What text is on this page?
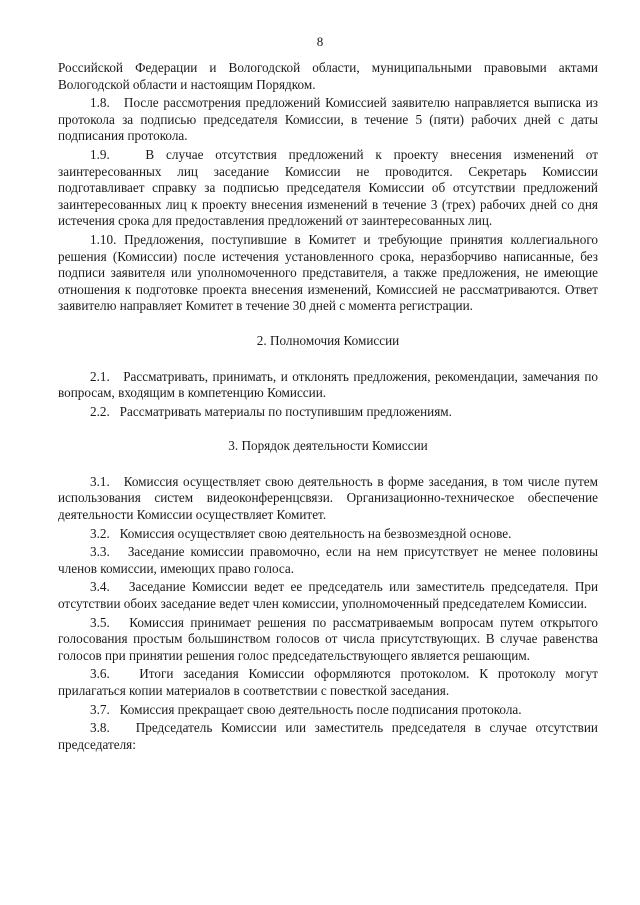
8

Российской Федерации и Вологодской области, муниципальными правовыми актами Вологодской области и настоящим Порядком.

1.8. После рассмотрения предложений Комиссией заявителю направляется выписка из протокола за подписью председателя Комиссии, в течение 5 (пяти) рабочих дней с даты подписания протокола.

1.9.	В случае отсутствия предложений к проекту внесения изменений от заинтересованных лиц заседание Комиссии не проводится. Секретарь Комиссии подготавливает справку за подписью председателя Комиссии об отсутствии предложений заинтересованных лиц к проекту внесения изменений в течение 3 (трех) рабочих дней со дня истечения срока для предоставления предложений от заинтересованных лиц.

1.10. Предложения, поступившие в Комитет и требующие принятия коллегиального решения (Комиссии) после истечения установленного срока, неразборчиво написанные, без подписи заявителя или уполномоченного представителя, а также предложения, не имеющие отношения к подготовке проекта внесения изменений, Комиссией не рассматриваются. Ответ заявителю направляет Комитет в течение 30 дней с момента регистрации.

2. Полномочия Комиссии

2.1. Рассматривать, принимать, и отклонять предложения, рекомендации, замечания по вопросам, входящим в компетенцию Комиссии.

2.2. Рассматривать материалы по поступившим предложениям.

3. Порядок деятельности Комиссии

3.1. Комиссия осуществляет свою деятельность в форме заседания, в том числе путем использования систем видеоконференцсвязи. Организационно-техническое обеспечение деятельности Комиссии осуществляет Комитет.

3.2. Комиссия осуществляет свою деятельность на безвозмездной основе.

3.3. Заседание комиссии правомочно, если на нем присутствует не менее половины членов комиссии, имеющих право голоса.

3.4. Заседание Комиссии ведет ее председатель или заместитель председателя. При отсутствии обоих заседание ведет член комиссии, уполномоченный председателем Комиссии.

3.5. Комиссия принимает решения по рассматриваемым вопросам путем открытого голосования простым большинством голосов от числа присутствующих. В случае равенства голосов при принятии решения голос председательствующего является решающим.

3.6. Итоги заседания Комиссии оформляются протоколом. К протоколу могут прилагаться копии материалов в соответствии с повесткой заседания.

3.7. Комиссия прекращает свою деятельность после подписания протокола.

3.8. Председатель Комиссии или заместитель председателя в случае отсутствии председателя:
